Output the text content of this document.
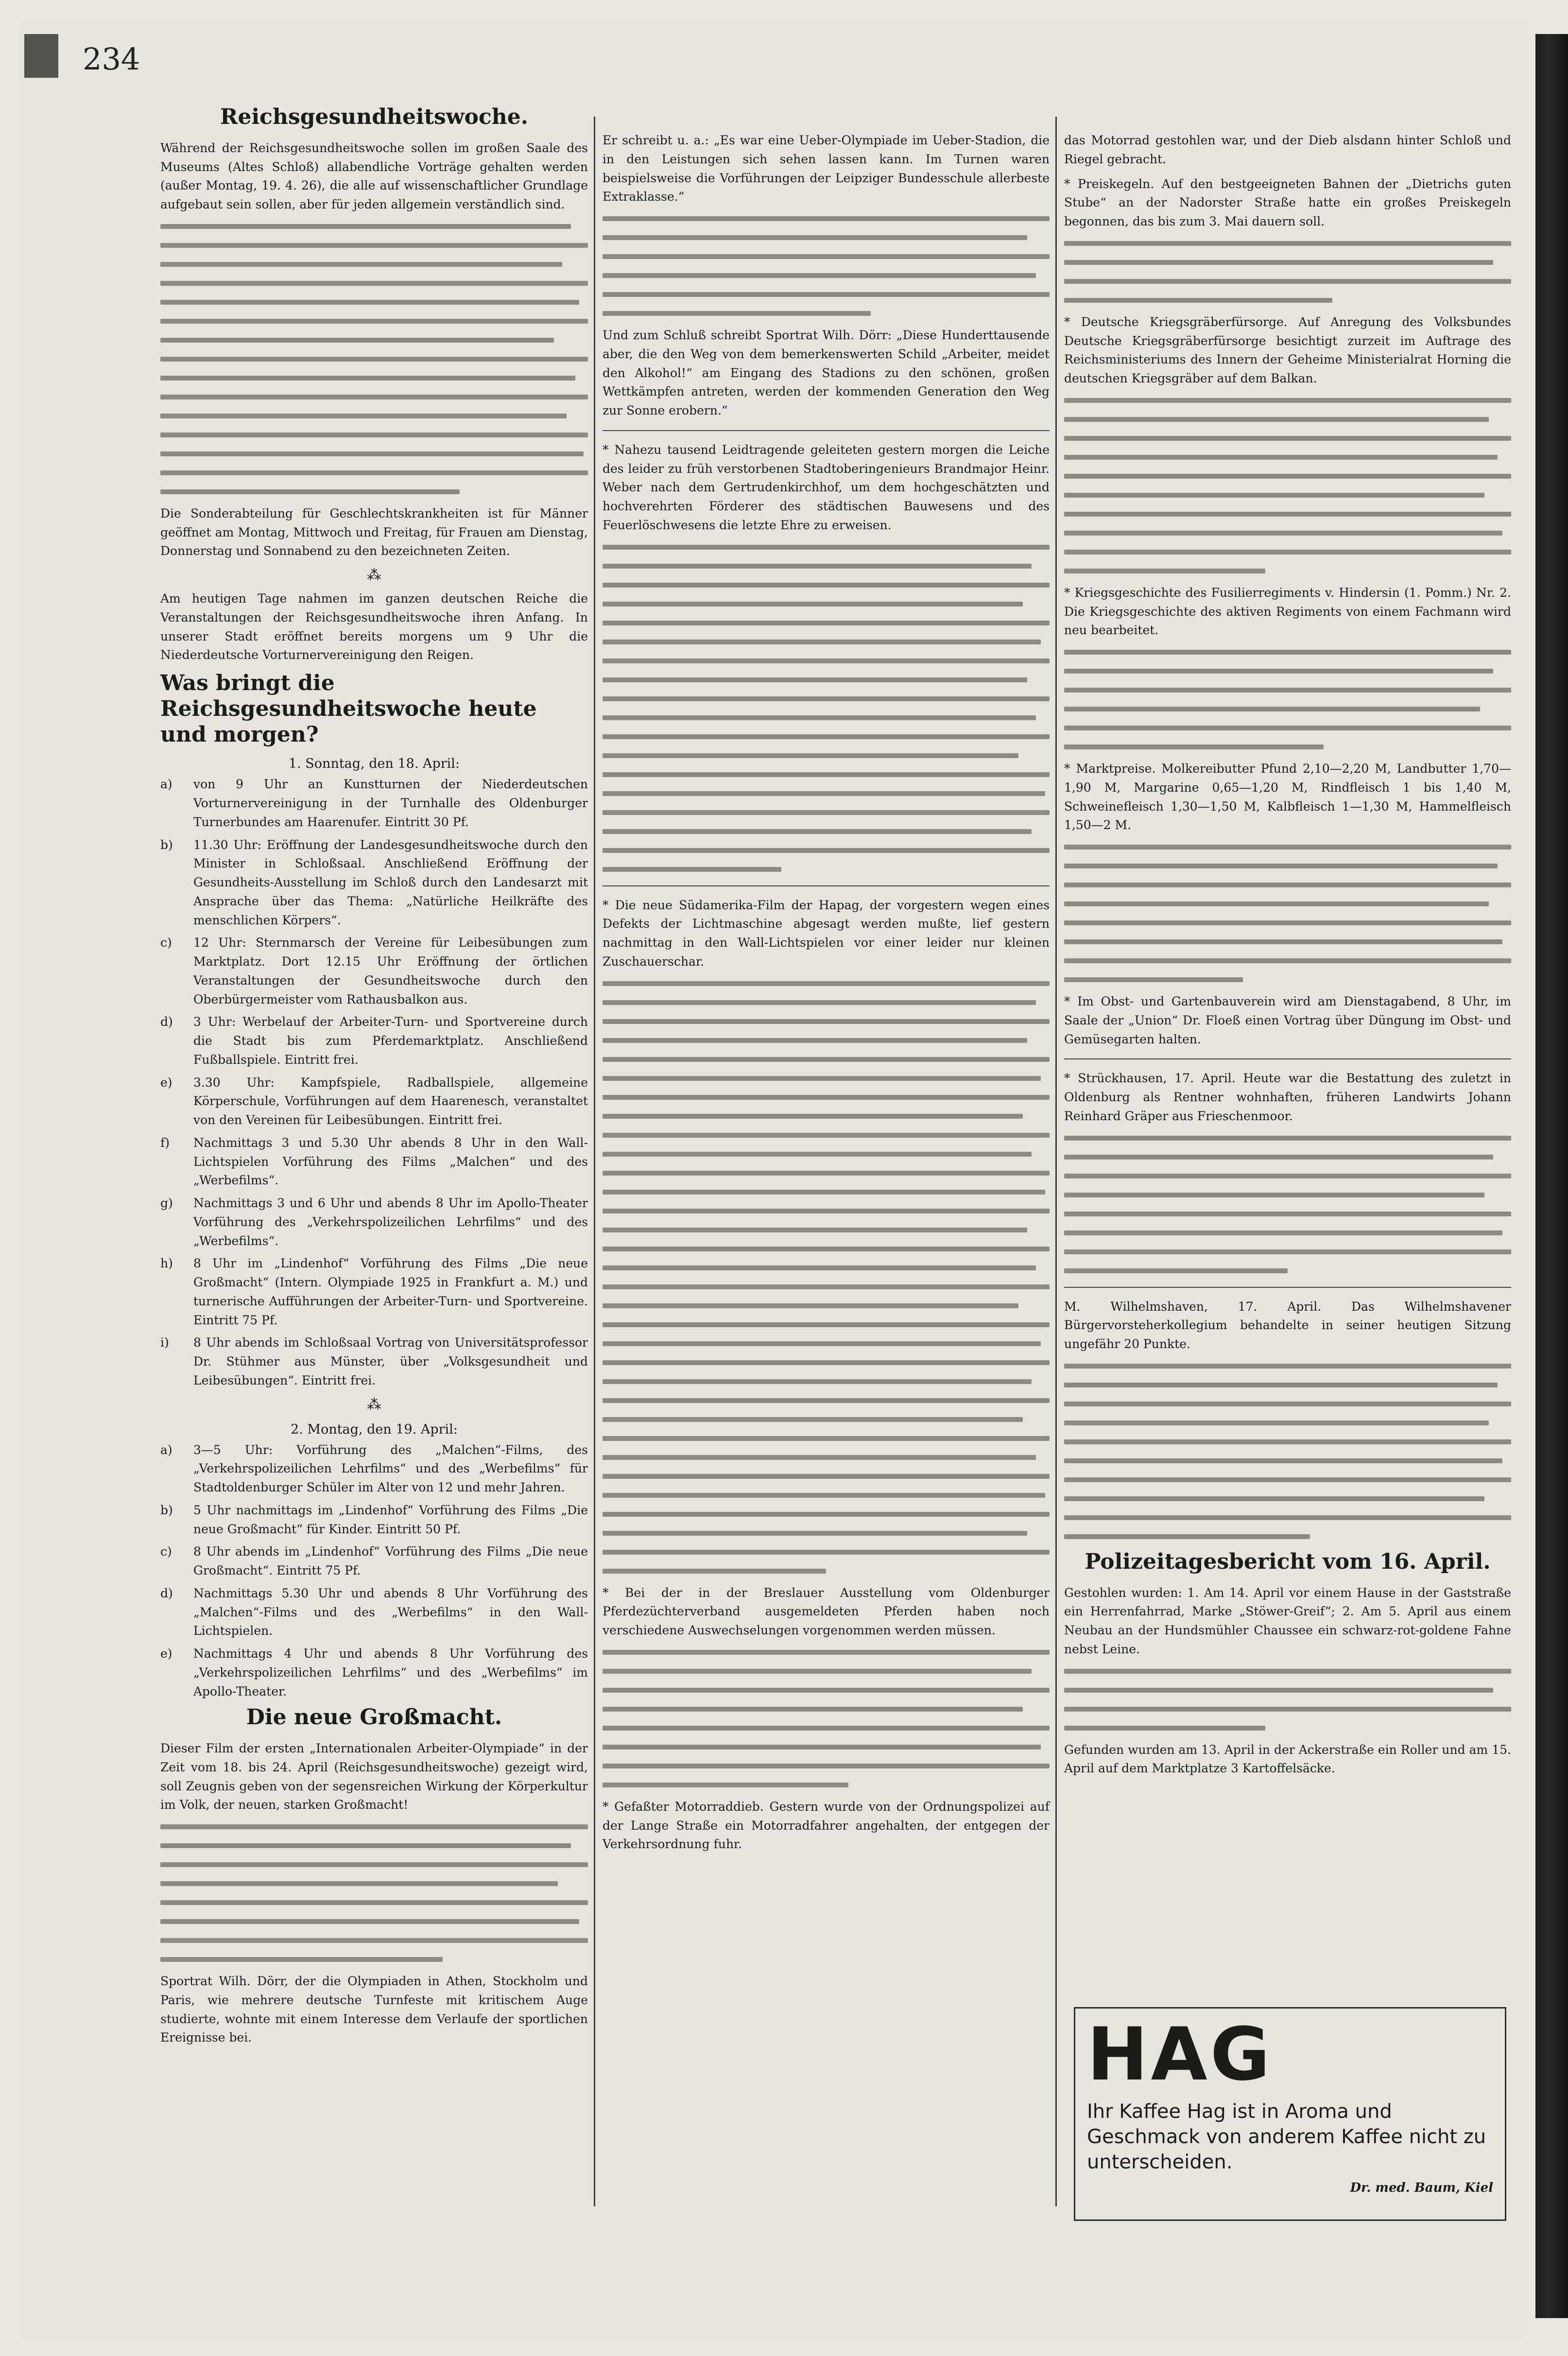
234
Reichsgesundheitswoche.

Während der Reichsgesundheitswoche sollen im großen Saale des Museums (Altes Schloß) allabendliche Vorträge gehalten werden (außer Montag, 19. 4. 26), die alle auf wissenschaftlicher Grundlage aufgebaut sein sollen, aber für jeden allgemein verständlich sind.

Die Sonderabteilung für Geschlechtskrankheiten ist für Männer geöffnet am Montag, Mittwoch und Freitag, für Frauen am Dienstag, Donnerstag und Sonnabend zu den bezeichneten Zeiten.

⁂

Am heutigen Tage nahmen im ganzen deutschen Reiche die Veranstaltungen der Reichsgesundheitswoche ihren Anfang. In unserer Stadt eröffnet bereits morgens um 9 Uhr die Niederdeutsche Vorturnervereinigung den Reigen.

Was bringt die Reichsgesundheitswoche heute und morgen?
1. Sonntag, den 18. April:
a)	von 9 Uhr an Kunstturnen der Niederdeutschen Vorturnervereinigung in der Turnhalle des Oldenburger Turnerbundes am Haarenufer. Eintritt 30 Pf.
b)	11.30 Uhr: Eröffnung der Landesgesundheitswoche durch den Minister in Schloßsaal. Anschließend Eröffnung der Gesundheits-Ausstellung im Schloß durch den Landesarzt mit Ansprache über das Thema: „Natürliche Heilkräfte des menschlichen Körpers“.
c)	12 Uhr: Sternmarsch der Vereine für Leibesübungen zum Marktplatz. Dort 12.15 Uhr Eröffnung der örtlichen Veranstaltungen der Gesundheitswoche durch den Oberbürgermeister vom Rathausbalkon aus.
d)	3 Uhr: Werbelauf der Arbeiter-Turn- und Sportvereine durch die Stadt bis zum Pferdemarktplatz. Anschließend Fußballspiele. Eintritt frei.
e)	3.30 Uhr: Kampfspiele, Radballspiele, allgemeine Körperschule, Vorführungen auf dem Haarenesch, veranstaltet von den Vereinen für Leibesübungen. Eintritt frei.
f)	Nachmittags 3 und 5.30 Uhr abends 8 Uhr in den Wall-Lichtspielen Vorführung des Films „Malchen“ und des „Werbefilms“.
g)	Nachmittags 3 und 6 Uhr und abends 8 Uhr im Apollo-Theater Vorführung des „Verkehrspolizeilichen Lehrfilms“ und des „Werbefilms“.
h)	8 Uhr im „Lindenhof“ Vorführung des Films „Die neue Großmacht“ (Intern. Olympiade 1925 in Frankfurt a. M.) und turnerische Aufführungen der Arbeiter-Turn- und Sportvereine. Eintritt 75 Pf.
i)	8 Uhr abends im Schloßsaal Vortrag von Universitätsprofessor Dr. Stühmer aus Münster, über „Volksgesundheit und Leibesübungen“. Eintritt frei.
⁂
2. Montag, den 19. April:
a)	3—5 Uhr: Vorführung des „Malchen“-Films, des „Verkehrspolizeilichen Lehrfilms“ und des „Werbefilms“ für Stadtoldenburger Schüler im Alter von 12 und mehr Jahren.
b)	5 Uhr nachmittags im „Lindenhof“ Vorführung des Films „Die neue Großmacht“ für Kinder. Eintritt 50 Pf.
c)	8 Uhr abends im „Lindenhof“ Vorführung des Films „Die neue Großmacht“. Eintritt 75 Pf.
d)	Nachmittags 5.30 Uhr und abends 8 Uhr Vorführung des „Malchen“-Films und des „Werbefilms“ in den Wall-Lichtspielen.
e)	Nachmittags 4 Uhr und abends 8 Uhr Vorführung des „Verkehrspolizeilichen Lehrfilms“ und des „Werbefilms“ im Apollo-Theater.
Die neue Großmacht.

Dieser Film der ersten „Internationalen Arbeiter-Olympiade“ in der Zeit vom 18. bis 24. April (Reichsgesundheitswoche) gezeigt wird, soll Zeugnis geben von der segensreichen Wirkung der Körperkultur im Volk, der neuen, starken Großmacht!

Sportrat Wilh. Dörr, der die Olympiaden in Athen, Stockholm und Paris, wie mehrere deutsche Turnfeste mit kritischem Auge studierte, wohnte mit einem Interesse dem Verlaufe der sportlichen Ereignisse bei.

Er schreibt u. a.: „Es war eine Ueber-Olympiade im Ueber-Stadion, die in den Leistungen sich sehen lassen kann. Im Turnen waren beispielsweise die Vorführungen der Leipziger Bundesschule allerbeste Extraklasse.“

Und zum Schluß schreibt Sportrat Wilh. Dörr: „Diese Hunderttausende aber, die den Weg von dem bemerkenswerten Schild „Arbeiter, meidet den Alkohol!“ am Eingang des Stadions zu den schönen, großen Wettkämpfen antreten, werden der kommenden Generation den Weg zur Sonne erobern.“

* Nahezu tausend Leidtragende geleiteten gestern morgen die Leiche des leider zu früh verstorbenen Stadtoberingenieurs Brandmajor Heinr. Weber nach dem Gertrudenkirchhof, um dem hochgeschätzten und hochverehrten Förderer des städtischen Bauwesens und des Feuerlöschwesens die letzte Ehre zu erweisen.

* Die neue Südamerika-Film der Hapag, der vorgestern wegen eines Defekts der Lichtmaschine abgesagt werden mußte, lief gestern nachmittag in den Wall-Lichtspielen vor einer leider nur kleinen Zuschauerschar.

* Bei der in der Breslauer Ausstellung vom Oldenburger Pferdezüchterverband ausgemeldeten Pferden haben noch verschiedene Auswechselungen vorgenommen werden müssen.

* Gefaßter Motorraddieb. Gestern wurde von der Ordnungspolizei auf der Lange Straße ein Motorradfahrer angehalten, der entgegen der Verkehrsordnung fuhr.

das Motorrad gestohlen war, und der Dieb alsdann hinter Schloß und Riegel gebracht.

* Preiskegeln. Auf den bestgeeigneten Bahnen der „Dietrichs guten Stube“ an der Nadorster Straße hatte ein großes Preiskegeln begonnen, das bis zum 3. Mai dauern soll.

* Deutsche Kriegsgräberfürsorge. Auf Anregung des Volksbundes Deutsche Kriegsgräberfürsorge besichtigt zurzeit im Auftrage des Reichsministeriums des Innern der Geheime Ministerialrat Horning die deutschen Kriegsgräber auf dem Balkan.

* Kriegsgeschichte des Fusilierregiments v. Hindersin (1. Pomm.) Nr. 2. Die Kriegsgeschichte des aktiven Regiments von einem Fachmann wird neu bearbeitet.

* Marktpreise. Molkereibutter Pfund 2,10—2,20 M, Landbutter 1,70—1,90 M, Margarine 0,65—1,20 M, Rindfleisch 1 bis 1,40 M, Schweinefleisch 1,30—1,50 M, Kalbfleisch 1—1,30 M, Hammelfleisch 1,50—2 M.

* Im Obst- und Gartenbauverein wird am Dienstagabend, 8 Uhr, im Saale der „Union“ Dr. Floeß einen Vortrag über Düngung im Obst- und Gemüsegarten halten.

* Strückhausen, 17. April. Heute war die Bestattung des zuletzt in Oldenburg als Rentner wohnhaften, früheren Landwirts Johann Reinhard Gräper aus Frieschenmoor.

M. Wilhelmshaven, 17. April. Das Wilhelmshavener Bürgervorsteherkollegium behandelte in seiner heutigen Sitzung ungefähr 20 Punkte.

Polizeitagesbericht vom 16. April.

Gestohlen wurden: 1. Am 14. April vor einem Hause in der Gaststraße ein Herrenfahrrad, Marke „Stöwer-Greif“; 2. Am 5. April aus einem Neubau an der Hundsmühler Chaussee ein schwarz-rot-goldene Fahne nebst Leine.

Gefunden wurden am 13. April in der Ackerstraße ein Roller und am 15. April auf dem Marktplatze 3 Kartoffelsäcke.

HAG
Ihr Kaffee Hag ist in Aroma und Geschmack von anderem Kaffee nicht zu unterscheiden.
Dr. med. Baum, Kiel
